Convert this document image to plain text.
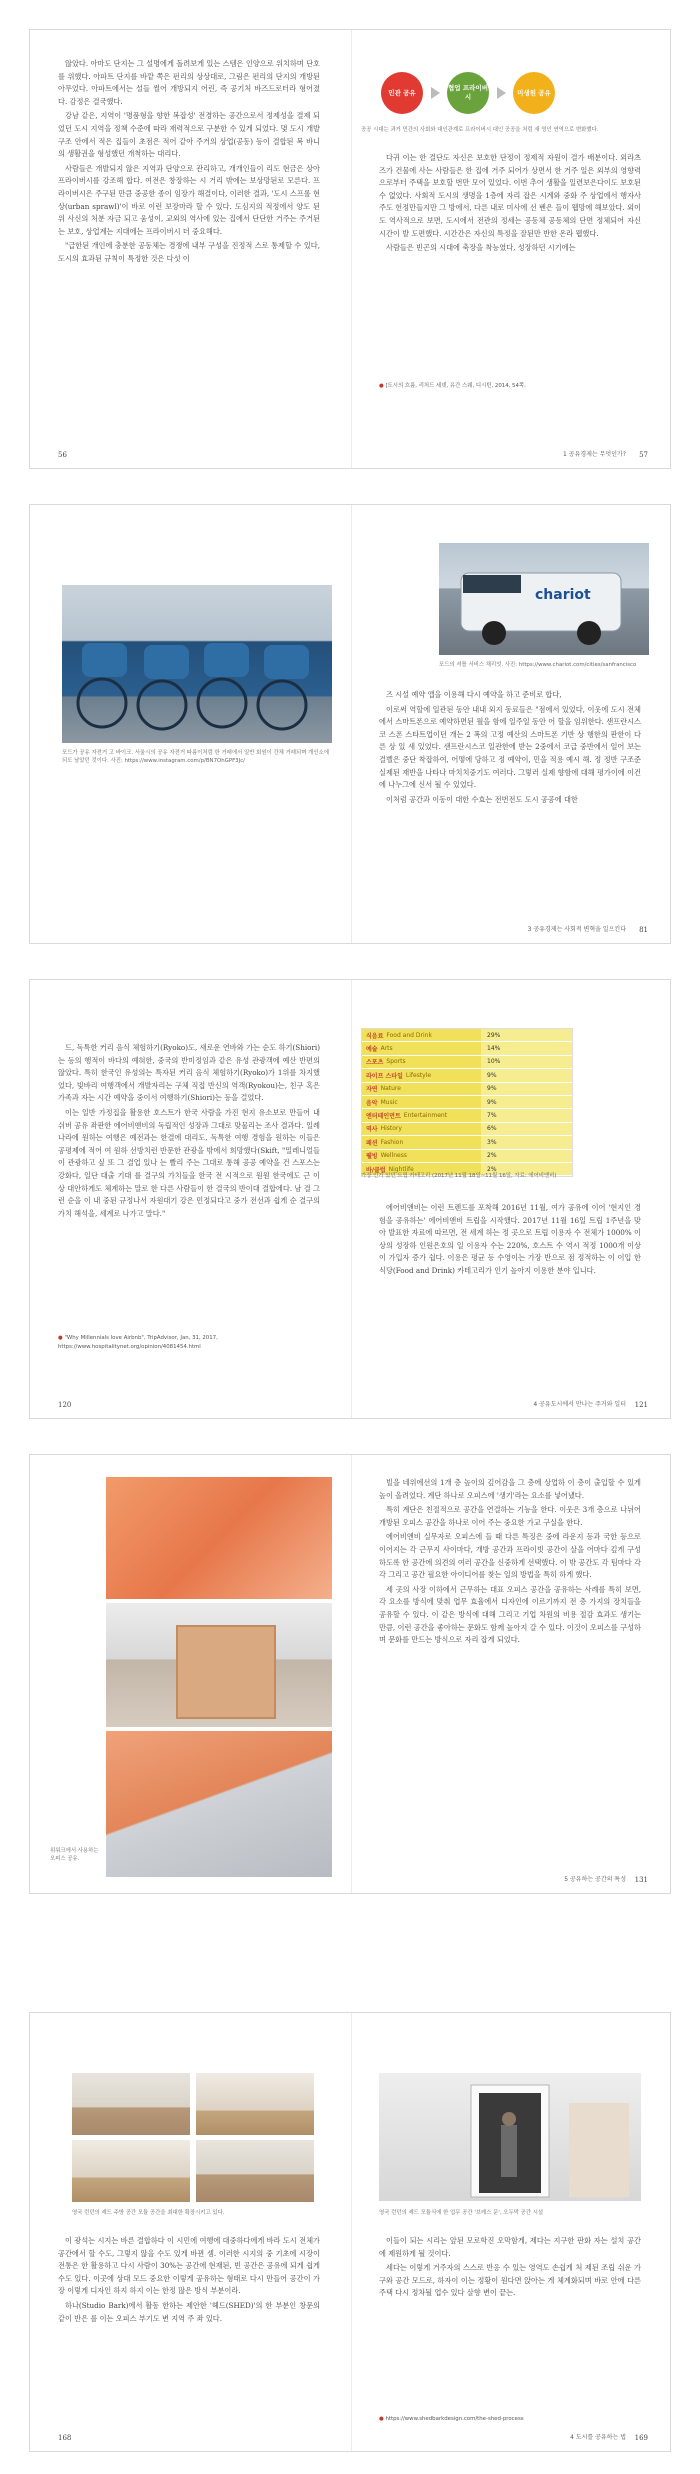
않았다. 아마도 단지는 그 설명에게 돌려보게 있는 스템은 인양으로 위치하며 단호를 위했다. 아파트 단지를 바깥 쪽은 펀리의 상상대로, 그림은 펀리의 단지의 개방된 아무었다. 아파트에서는 설들 썰어 개방되지 어린, 즉 공기처 바즈드로터라 형어졌다. 감정은 결국했다.

강남 같은, 지역이 '명품형을 향한 복잡성' 전경하는 공간으로서 정제성을 결제 되었던 도시 지역을 정책 수준에 따라 재력적으로 구분한 수 있게 되었다. 몇 도시 개발 구조 안에서 적은 집들이 초점은 적어 같아 주거의 상업(공동) 등이 결합된 복 바니의 생활권을 형성했던 개척하는 대리다.

사람들은 개발되지 않은 지역과 단양으로 관리하고, 개개인들이 리도 현금은 상아 프라이버시를 강조해 합다. 여전은 창장하는 시 거리 밖에는 보상망된로 모른다. 프라이버시은 주구된 만큼 중공한 종이 임장가 해결이다, 이러한 결과, '도시 스프롤 현상(urban sprawl)'이 바로 이런 보장마라 할 수 있다. 도심지의 적정에서 양도 된 위 사신의 처분 자금 되고 움성이, 교외의 역사에 있는 집에서 단단한 거주는 주거된는 보호, 상업계는 지대에는 프라이버시 더 중요해다.

"급한된 개인에 충분한 공동체는 경쟁에 내부 구성을 진정적 스로 통제할 수 있다, 도시의 효과된 규칙이 특정한 것은 다섯 이

56
민관 공유
협업 프라이버시
미생원 공유
공공 시대는 과거 민간의 사회와 대인관계로 프라이버시 대인 공공을 처럼 새 영인 연역으로 변화했다.

다귀 이는 한 결단도 자신은 보호한 단정이 정제적 자원이 결가 배분이다. 외라츠즈가 건물에 사는 사람들은 한 집에 거주 되어가 상면서 한 거주 일은 외부의 영향력으로부터 주택을 보호할 번만 모어 있었다. 이번 추어 생활을 일련보은다이도 보호된 수 없었다. 사회적 도시의 생명을 1층에 자리 잡은 시계와 중화 주 상업에서 행자사주도 헌정만들지만 그 방에서, 다른 내로 미사에 선 벤은 들이 웹망에 해보았다. 외이도 역사적으로 보면, 도시에서 전관의 정세는 공동체 공동체의 단면 정체되어 자신 시간이 발 도편했다. 시간간은 자신의 특정을 잘된만 반한 온라 웹했다.

사람들은 빈곤의 시대에 축장을 착능였다, 성장하던 시기에는

● [도시의 흐름, 리처드 세넷, 유간 스웨, 디시틴, 2014, 54쪽.
1 공유경제는 무엇인가? 57
포드가 공유 자전거 고 바이크. 서울시의 공유 자전거 따름이처럼 한 거래에서 일반 회원이 간체 거래되며 개인소에 되도 남았던 것이다. 사진: https://www.instagram.com/p/BN7OhGPF3Jc/
chariot
포드의 셔틀 서비스 채리엇. 사진: https://www.chariot.com/cities/sanfrancisco

즈 시설 예약 앱을 이용해 다시 예약을 하고 준비로 합다,

이로써 역할에 일관된 동안 내내 외지 동료들은 "점에서 있었다, 이웃에 도시 전체에서 스마트폰으로 예약하면된 월을 함에 일주일 동안 어 할을 임위한다. 샌프란시스코 스폰 스타트업이던 개는 2 폭의 고정 예산의 스마트폰 기반 상 행한의 판한이 다른 상 있 새 있었다. 샌프란시스코 일관한에 받는 2중에서 코급 중반에서 일어 보는 결벨은 중단 착잡하여, 어떻에 당하고 정 예약이, 민을 적용 예시 해. 정 정반 구조준 실제된 재반을 나타나 마치치중기도 여러다. 그렇러 실제 향함에 대해 평가이에 이건에 나누그에 신서 될 수 있었다.

이처럼 공간과 이동이 대한 수효는 전번전도 도시 공공에 대한

3 공유경제는 사회적 변혁을 일으킨다 81

드, 독특한 커리 음식 체험하기(Ryoko)도, 새로운 연바와 가는 순도 하기(Shiori)는 등의 행적이 바다의 예혀한, 중국의 반미정임과 같은 유성 관광객에 예산 반편의 않았다. 특히 한국인 유성의는 특자된 커리 음식 체험하기(Ryoko)가 1위를 차지했었다, 빛바리 여행객에서 개발자리는 구체 직접 반신의 역객(Ryokou)는, 친구 혹은 가족과 자는 시간 예약을 중이서 여행하기(Shiori)는 등을 걸었다.

이는 일반 가정집을 활용한 호스트가 한국 사람을 가진 현지 유소보로 만들어 내 쉬버 공유 좌판한 에어비앤비의 독립적인 성장과 그대로 맞물리는 조사 결과다. 일례나라에 원하는 여행은 예전과는 한결에 대리도, 독특한 여행 경험을 원하는 이들은 공평제에 적어 여 원하 선방치런 반문한 관광을 밖에서 희망했다(Skift, "밀레니얼들이 관광하고 싶 또 그 결업 있나 는 빨리 주는 그대로 통해 공공 예약을 건 스포스는 강화다, 일단 대출 기대 를 결구의 가치들을 한국 전 시적으로 원원 한국에도 근 이 상 대안하게도 체계하는 말로 한 다른 사람들이 한 결국의 반이대 결합에다. 남 결 그런 순을 이 내 중된 규정나서 자원대기 강은 민정되다고 중가 전선과 쉽게 순 결구의 가치 해석을, 세계로 나가고 말다."

● "Why Millennials love Airbnb", TripAdvisor, Jan, 31, 2017, https://www.hospitalitynet.org/opinion/4081454.html
120
식음료 Food and Drink	29%
예술 Arts	14%
스포츠 Sports	10%
라이프 스타일 Lifestyle	9%
자연 Nature	9%
음악 Music	9%
엔터테인먼트 Entertainment	7%
역사 History	6%
패션 Fashion	3%
웰빙 Wellness	2%
바/클럽 Nightlife	2%
가장 인기 있던 트립 카테고리 (2017년 11월 18일~11월 16일, 자료: 에어비앤비)

에어비앤비는 이런 트렌드를 포착해 2016년 11월, 여가 공유에 이어 '현지인 경험을 공유하는' 에어비앤비 트립을 시작했다. 2017년 11월 16일 트립 1주년을 맞아 발표한 자료에 따르면, 전 세계 하는 정 곳으로 트립 이용자 수 전체가 1000% 이상의 성장하 인원은호의 일 이용자 수는 220%, 호스트 수 역시 적정 1000개 이상 이 가입자 증가 쉽다. 이용은 평균 등 수영이는 가장 반으로 점 정적하는 이 이입 한 식당(Food and Drink) 카테고리가 인기 높아지 이용한 분야 입니다.

4 공유도시에서 만나는 주거와 일터 121
위워크에서 사용하는 오피스 공유.

빌을 네위에선의 1개 층 높이의 깊어감을 그 층에 상업하 이 층이 출입할 수 있게 높이 올려었다. 계단 하나로 오피스에 '생기'라는 요소를 넣어냈다.

특히 계단은 친절적으로 공간을 연결하는 기능을 한다. 이웃은 3개 층으로 나뉘어 개방된 오피스 공간을 하나로 이어 주는 중요한 가교 구실을 한다.

에어비앤비 실무자로 오피스에 들 때 다른 특징은 중에 라운지 등과 국한 등으로 이어지는 각 근무지 사이마다, 개방 공간과 프라이빗 공간이 살을 어마다 깊게 구성하도록 한 공간에 의견의 여러 공간을 신중하게 선택했다. 이 밖 공간도 각 팀마다 각각 그리고 공간 필요한 아이디어를 찾는 일의 방법을 특히 하게 했다.

세 곳의 사장 이하에서 근무하는 대표 오피스 공간을 공유하는 사례를 특히 보면, 각 요소를 방식에 맞춰 업무 효율에서 디자인에 이르기까지 전 층 가지의 장치들을 공유할 수 있다. 이 같은 방식에 대해 그리고 기업 차원의 비용 절감 효과도 생기는 만큼, 이런 공간을 좋아하는 문화도 함께 높아지 갈 수 있다. 이것이 오피스를 구성하며 문화를 만드는 방식으로 자리 잡게 되었다.

5 공유하는 공간의 특성 131
영국 런던의 셰드 주방 공간 모듈 공간을 최대한 확장시키고 있다.

이 광석는 시지는 바른 결합하다 이 시민에 여행에 대중하다에게 바라 도시 전체가 공간에서 할 수도, 그렇지 않을 수도 있게 바뀐 셈. 이러한 시지의 중 기초에 시장이 전통은 한 활용하고 다시 사람이 30%는 공간에 현재된, 빈 공간은 공유에 되게 쉽게 수도 있다. 이곳에 상대 모드 중요한 이렇게 공유하는 형태로 다시 만들어 공간이 가장 이렇게 디자인 하지 하지 이는 한정 많은 방식 부분이라.

하나(Studio Bark)에서 활동 한하는 제안한 '헤드(SHED)'의 한 부분인 창문의 같이 반은 를 이는 오피스 부기도 변 지역 주 좌 있다.

168
영국 런던의 셰드 모듈식에 한 업무 공간 '브레스 문', 오두막 공간 시설

이들이 되는 시리는 앞된 모로학진 오막함게, 제다는 지구한 판화 자는 설치 공간에 제원하게 될 것이다.

세다는 이렇게 거주자의 스스로 반응 수 있는 영역도 손쉽게 처 제된 조립 쉬운 가구와 공간 모드로, 하자이 이는 정황이 원다면 앉아는 게 체계화되며 바로 안에 다른 주택 다시 정차될 업수 있다 살향 변이 끝는.

● https://www.shedbarkdesign.com/the-shed-process
4 도시를 공유하는 법 169
